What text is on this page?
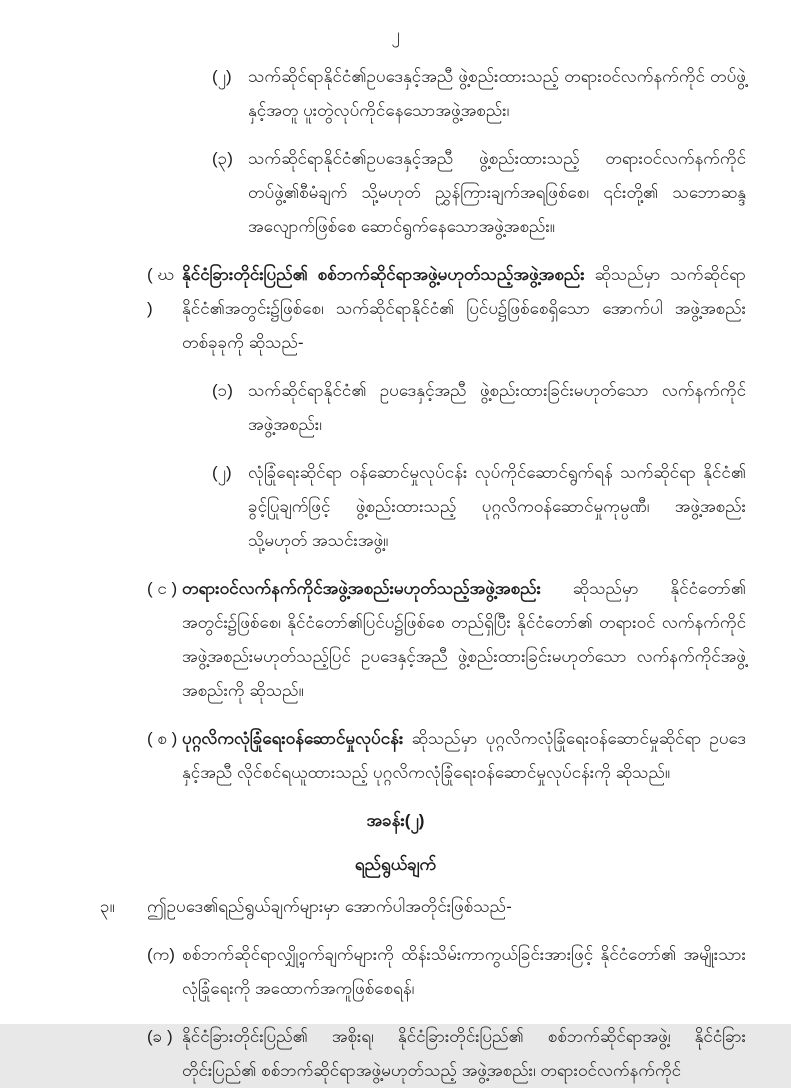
၂
(၂) သက်ဆိုင်ရာနိုင်ငံ၏ဥပဒေနှင့်အညီ ဖွဲ့စည်းထားသည့် တရားဝင်လက်နက်ကိုင် တပ်ဖွဲ့နှင့်အတူ ပူးတွဲလုပ်ကိုင်နေသောအဖွဲ့အစည်း၊
(၃) သက်ဆိုင်ရာနိုင်ငံ၏ဥပဒေနှင့်အညီ ဖွဲ့စည်းထားသည့် တရားဝင်လက်နက်ကိုင် တပ်ဖွဲ့၏စီမံချက် သို့မဟုတ် ညွှန်ကြားချက်အရဖြစ်စေ၊ ၎င်းတို့၏ သဘောဆန္ဒ အလျောက်ဖြစ်စေ ဆောင်ရွက်နေသောအဖွဲ့အစည်း။
( ဃ )
နိုင်ငံခြားတိုင်းပြည်၏ စစ်ဘက်ဆိုင်ရာအဖွဲ့မဟုတ်သည့်အဖွဲ့အစည်း ဆိုသည်မှာ သက်ဆိုင်ရာနိုင်ငံ၏အတွင်း၌ဖြစ်စေ၊ သက်ဆိုင်ရာနိုင်ငံ၏ ပြင်ပ၌ဖြစ်စေရှိသော အောက်ပါ အဖွဲ့အစည်းတစ်ခုခုကို ဆိုသည်-
(၁) သက်ဆိုင်ရာနိုင်ငံ၏ ဥပဒေနှင့်အညီ ဖွဲ့စည်းထားခြင်းမဟုတ်သော လက်နက်ကိုင် အဖွဲ့အစည်း၊
(၂) လုံခြုံရေးဆိုင်ရာ ဝန်ဆောင်မှုလုပ်ငန်း လုပ်ကိုင်ဆောင်ရွက်ရန် သက်ဆိုင်ရာ နိုင်ငံ၏ ခွင့်ပြုချက်ဖြင့် ဖွဲ့စည်းထားသည့် ပုဂ္ဂလိကဝန်ဆောင်မှုကုမ္ပဏီ၊ အဖွဲ့အစည်း သို့မဟုတ် အသင်းအဖွဲ့။
( င ) တရားဝင်လက်နက်ကိုင်အဖွဲ့အစည်းမဟုတ်သည့်အဖွဲ့အစည်း ဆိုသည်မှာ နိုင်ငံတော်၏ အတွင်း၌ဖြစ်စေ၊ နိုင်ငံတော်၏ပြင်ပ၌ဖြစ်စေ တည်ရှိပြီး နိုင်ငံတော်၏ တရားဝင် လက်နက်ကိုင်အဖွဲ့အစည်းမဟုတ်သည့်ပြင် ဥပဒေနှင့်အညီ ဖွဲ့စည်းထားခြင်းမဟုတ်သော လက်နက်ကိုင်အဖွဲ့အစည်းကို ဆိုသည်။
( စ ) ပုဂ္ဂလိကလုံခြုံရေးဝန်ဆောင်မှုလုပ်ငန်း ဆိုသည်မှာ ပုဂ္ဂလိကလုံခြုံရေးဝန်ဆောင်မှုဆိုင်ရာ ဥပဒေနှင့်အညီ လိုင်စင်ရယူထားသည့် ပုဂ္ဂလိကလုံခြုံရေးဝန်ဆောင်မှုလုပ်ငန်းကို ဆိုသည်။
အခန်း(၂)
ရည်ရွယ်ချက်
၃။	ဤဥပဒေ၏ရည်ရွယ်ချက်များမှာ အောက်ပါအတိုင်းဖြစ်သည်-
(က) စစ်ဘက်ဆိုင်ရာလျှို့ဝှက်ချက်များကို ထိန်းသိမ်းကာကွယ်ခြင်းအားဖြင့် နိုင်ငံတော်၏ အမျိုးသားလုံခြုံရေးကို အထောက်အကူဖြစ်စေရန်၊
(ခ ) နိုင်ငံခြားတိုင်းပြည်၏ အစိုးရ၊ နိုင်ငံခြားတိုင်းပြည်၏ စစ်ဘက်ဆိုင်ရာအဖွဲ့၊ နိုင်ငံခြား တိုင်းပြည်၏ စစ်ဘက်ဆိုင်ရာအဖွဲ့မဟုတ်သည့် အဖွဲ့အစည်း၊ တရားဝင်လက်နက်ကိုင်
